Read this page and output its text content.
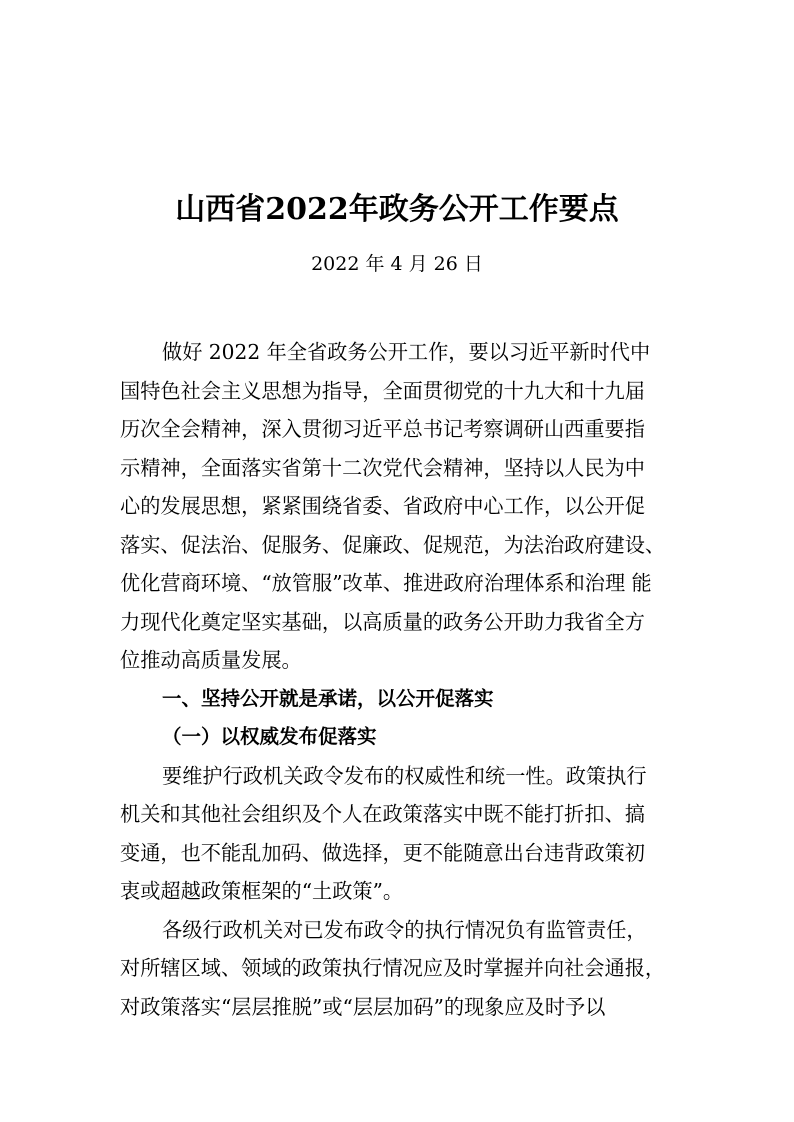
山西省2022年政务公开工作要点
2022 年 4 月 26 日
做好 2022 年全省政务公开工作，要以习近平新时代中
国特色社会主义思想为指导，全面贯彻党的十九大和十九届
历次全会精神，深入贯彻习近平总书记考察调研山西重要指
示精神，全面落实省第十二次党代会精神，坚持以人民为中
心的发展思想，紧紧围绕省委、省政府中心工作，以公开促
落实、促法治、促服务、促廉政、促规范，为法治政府建设、
优化营商环境、“放管服”改革、推进政府治理体系和治理 能
力现代化奠定坚实基础，以高质量的政务公开助力我省全方
位推动高质量发展。

一、坚持公开就是承诺，以公开促落实

（一）以权威发布促落实

要维护行政机关政令发布的权威性和统一性。政策执行
机关和其他社会组织及个人在政策落实中既不能打折扣、搞
变通，也不能乱加码、做选择，更不能随意出台违背政策初
衷或超越政策框架的“土政策”。
各级行政机关对已发布政令的执行情况负有监管责任，
对所辖区域、领域的政策执行情况应及时掌握并向社会通报，
对政策落实“层层推脱”或“层层加码”的现象应及时予以
